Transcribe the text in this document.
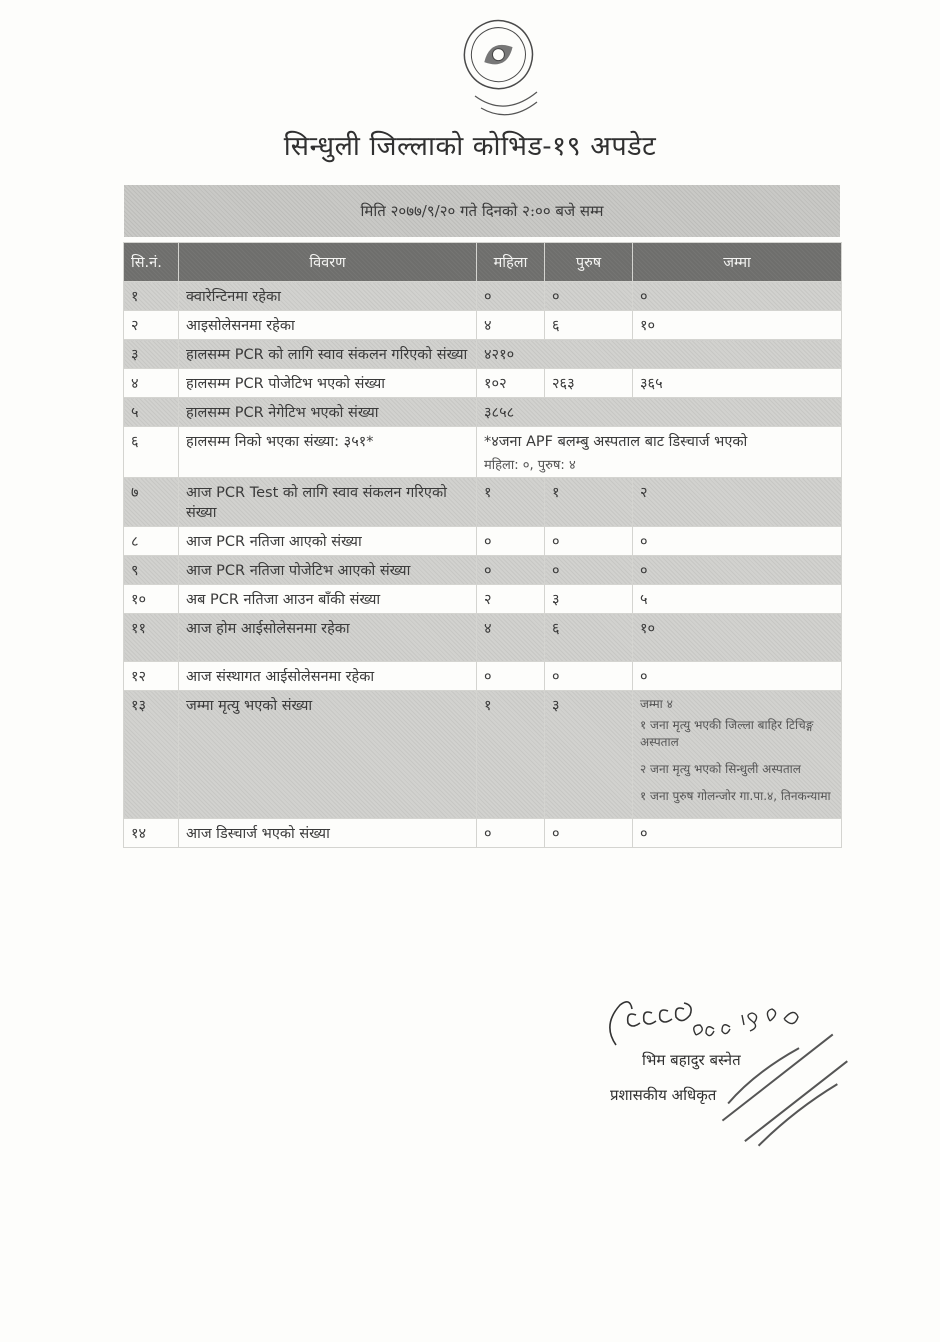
सिन्धुली जिल्लाको कोभिड-१९ अपडेट
मिति २०७७/९/२० गते दिनको २:०० बजे सम्म
सि.नं.	विवरण	महिला	पुरुष	जम्मा
१	क्वारेन्टिनमा रहेका	०	०	०
२	आइसोलेसनमा रहेका	४	६	१०
३	हालसम्म PCR को लागि स्वाव संकलन गरिएको संख्या	४२१०		
४	हालसम्म PCR पोजेटिभ भएको संख्या	१०२	२६३	३६५
५	हालसम्म PCR नेगेटिभ भएको संख्या	३८५८		
६	हालसम्म निको भएका संख्या: ३५१*	*४जना APF बलम्बु अस्पताल बाट डिस्चार्ज भएको
महिला: ०, पुरुष: ४		

७	आज PCR Test को लागि स्वाव संकलन गरिएको संख्या	१	१	२
८	आज PCR नतिजा आएको संख्या	०	०	०
९	आज PCR नतिजा पोजेटिभ आएको संख्या	०	०	०
१०	अब PCR नतिजा आउन बाँकी संख्या	२	३	५
११	आज होम आईसोलेसनमा रहेका	४	६	१०
१२	आज संस्थागत आईसोलेसनमा रहेका	०	०	०
१३	जम्मा मृत्यु भएको संख्या	१	३	जम्मा ४
१ जना मृत्यु भएकी जिल्ला बाहिर टिचिङ्ग अस्पताल
२ जना मृत्यु भएको सिन्धुली अस्पताल
१ जना पुरुष गोलन्जोर गा.पा.४, तिनकन्यामा

१४	आज डिस्चार्ज भएको संख्या	०	०	०
भिम बहादुर बस्नेत
प्रशासकीय अधिकृत
